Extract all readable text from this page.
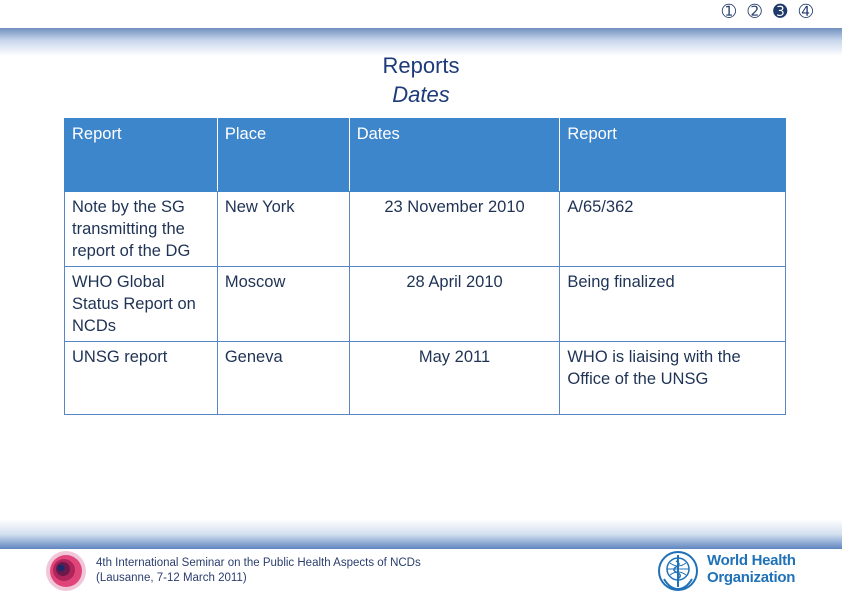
➀ ➁ ➌ ➃
Reports
Dates
Report	Place	Dates	Report
Note by the SG transmitting the report of the DG	New York	23 November 2010	A/65/362
WHO Global Status Report on NCDs	Moscow	28 April 2010	Being finalized
UNSG report	Geneva	May 2011	WHO is liaising with the Office of the UNSG
4th International Seminar on the Public Health Aspects of NCDs
(Lausanne, 7-12 March 2011)
World Health
Organization
